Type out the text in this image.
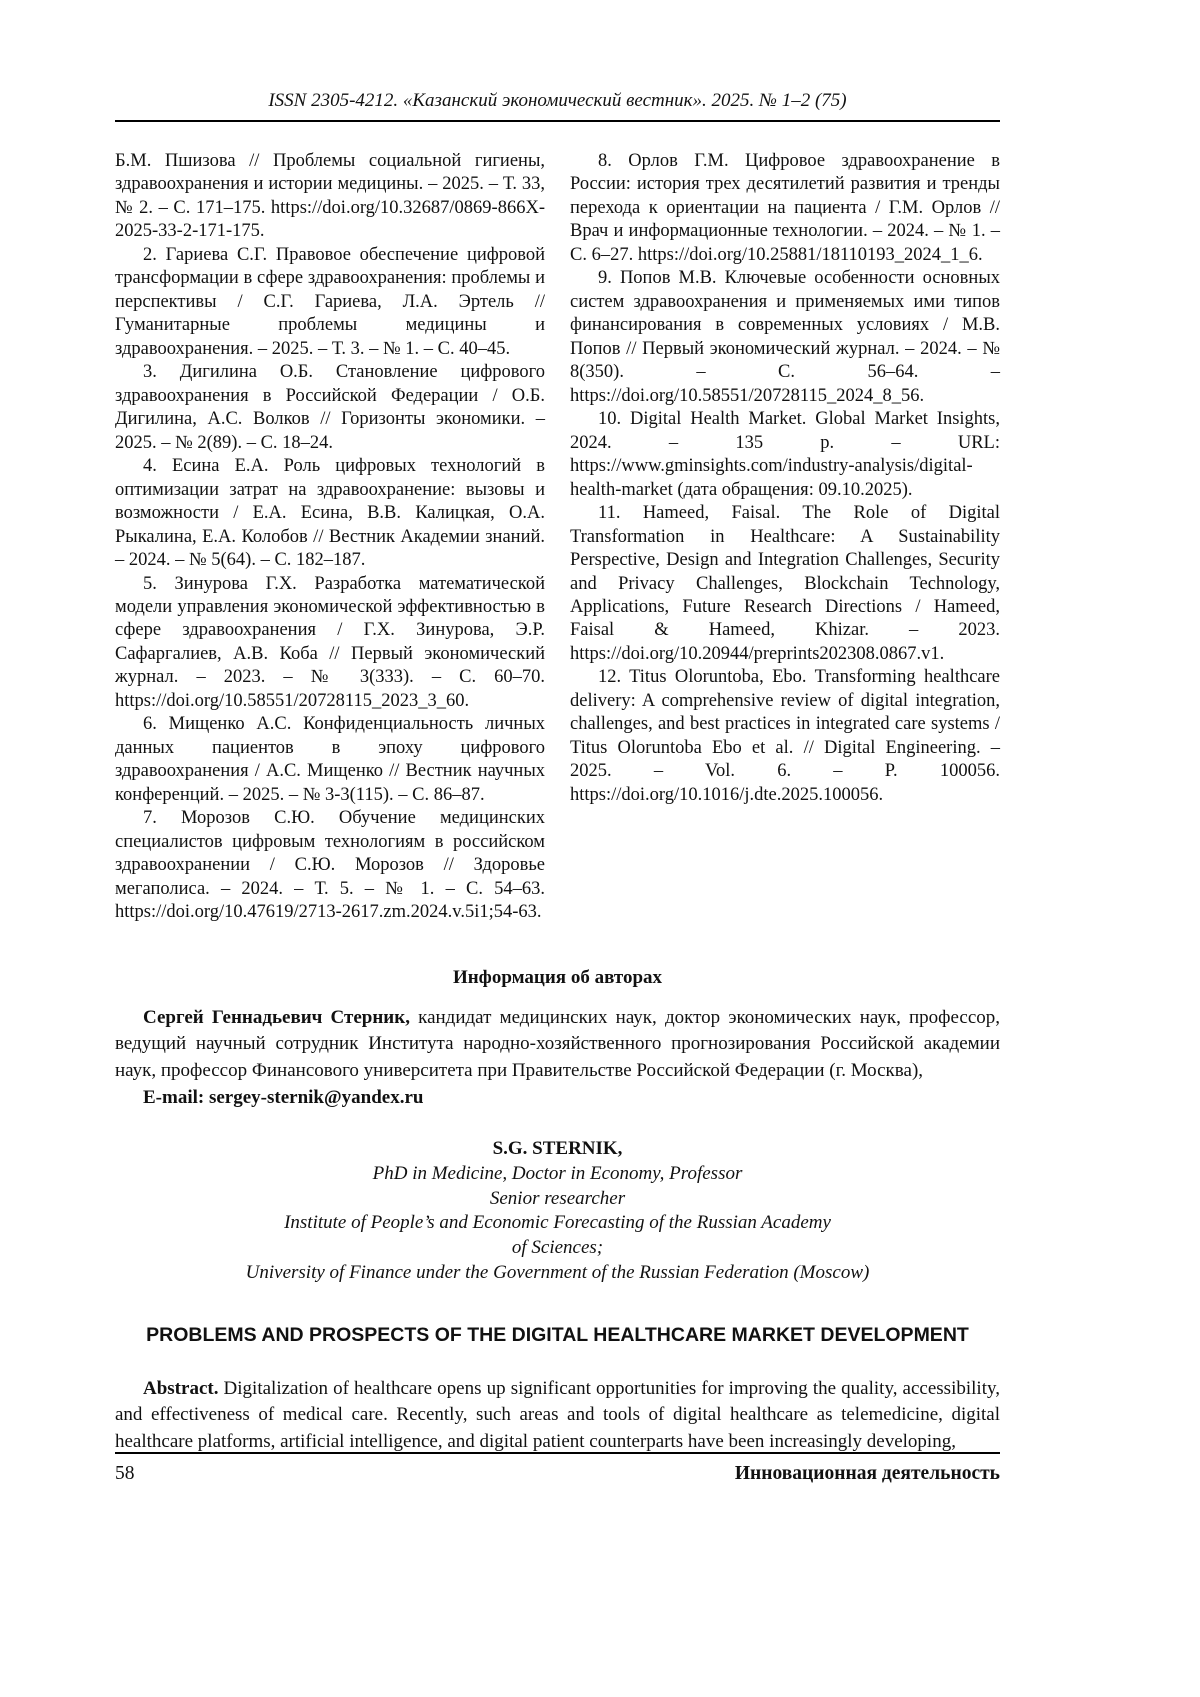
ISSN 2305-4212. «Казанский экономический вестник». 2025. № 1–2 (75)

Б.М. Пшизова // Проблемы социальной гигиены, здравоохранения и истории медицины. – 2025. – Т. 33, № 2. – С. 171–175. https://doi.org/10.32687/0869-866X-2025-33-2-171-175.

2. Гариева С.Г. Правовое обеспечение цифровой трансформации в сфере здравоохранения: проблемы и перспективы / С.Г. Гариева, Л.А. Эртель // Гуманитарные проблемы медицины и здравоохранения. – 2025. – Т. 3. – № 1. – С. 40–45.

3. Дигилина О.Б. Становление цифрового здравоохранения в Российской Федерации / О.Б. Дигилина, А.С. Волков // Горизонты экономики. – 2025. – № 2(89). – С. 18–24.

4. Есина Е.А. Роль цифровых технологий в оптимизации затрат на здравоохранение: вызовы и возможности / Е.А. Есина, В.В. Калицкая, О.А. Рыкалина, Е.А. Колобов // Вестник Академии знаний. – 2024. – № 5(64). – С. 182–187.

5. Зинурова Г.Х. Разработка математической модели управления экономической эффективностью в сфере здравоохранения / Г.Х. Зинурова, Э.Р. Сафаргалиев, А.В. Коба // Первый экономический журнал. – 2023. – № 3(333). – С. 60–70. https://doi.org/10.58551/20728115_2023_3_60.

6. Мищенко А.С. Конфиденциальность личных данных пациентов в эпоху цифрового здравоохранения / А.С. Мищенко // Вестник научных конференций. – 2025. – № 3-3(115). – С. 86–87.

7. Морозов С.Ю. Обучение медицинских специалистов цифровым технологиям в российском здравоохранении / С.Ю. Морозов // Здоровье мегаполиса. – 2024. – Т. 5. – № 1. – С. 54–63. https://doi.org/10.47619/2713-2617.zm.2024.v.5i1;54-63.

8. Орлов Г.М. Цифровое здравоохранение в России: история трех десятилетий развития и тренды перехода к ориентации на пациента / Г.М. Орлов // Врач и информационные технологии. – 2024. – № 1. – С. 6–27. https://doi.org/10.25881/18110193_2024_1_6.

9. Попов М.В. Ключевые особенности основных систем здравоохранения и применяемых ими типов финансирования в современных условиях / М.В. Попов // Первый экономический журнал. – 2024. – № 8(350). – С. 56–64. – https://doi.org/10.58551/20728115_2024_8_56.

10. Digital Health Market. Global Market Insights, 2024. – 135 p. – URL: https://www.gminsights.com/industry-analysis/digital-health-market (дата обращения: 09.10.2025).

11. Hameed, Faisal. The Role of Digital Transformation in Healthcare: A Sustainability Perspective, Design and Integration Challenges, Security and Privacy Challenges, Blockchain Technology, Applications, Future Research Directions / Hameed, Faisal & Hameed, Khizar. – 2023. https://doi.org/10.20944/preprints202308.0867.v1.

12. Titus Oloruntoba, Ebo. Transforming healthcare delivery: A comprehensive review of digital integration, challenges, and best practices in integrated care systems / Titus Oloruntoba Ebo et al. // Digital Engineering. – 2025. – Vol. 6. – P. 100056. https://doi.org/10.1016/j.dte.2025.100056.

Информация об авторах

Сергей Геннадьевич Стерник, кандидат медицинских наук, доктор экономических наук, профессор, ведущий научный сотрудник Института народно-хозяйственного прогнозирования Российской академии наук, профессор Финансового университета при Правительстве Российской Федерации (г. Москва),

E-mail: sergey-sternik@yandex.ru

S.G. STERNIK,
PhD in Medicine, Doctor in Economy, Professor
Senior researcher
Institute of People’s and Economic Forecasting of the Russian Academy
of Sciences;
University of Finance under the Government of the Russian Federation (Moscow)
PROBLEMS AND PROSPECTS OF THE DIGITAL HEALTHCARE MARKET DEVELOPMENT

Abstract. Digitalization of healthcare opens up significant opportunities for improving the quality, accessibility, and effectiveness of medical care. Recently, such areas and tools of digital healthcare as telemedicine, digital healthcare platforms, artificial intelligence, and digital patient counterparts have been increasingly developing,

58	Инновационная деятельность
